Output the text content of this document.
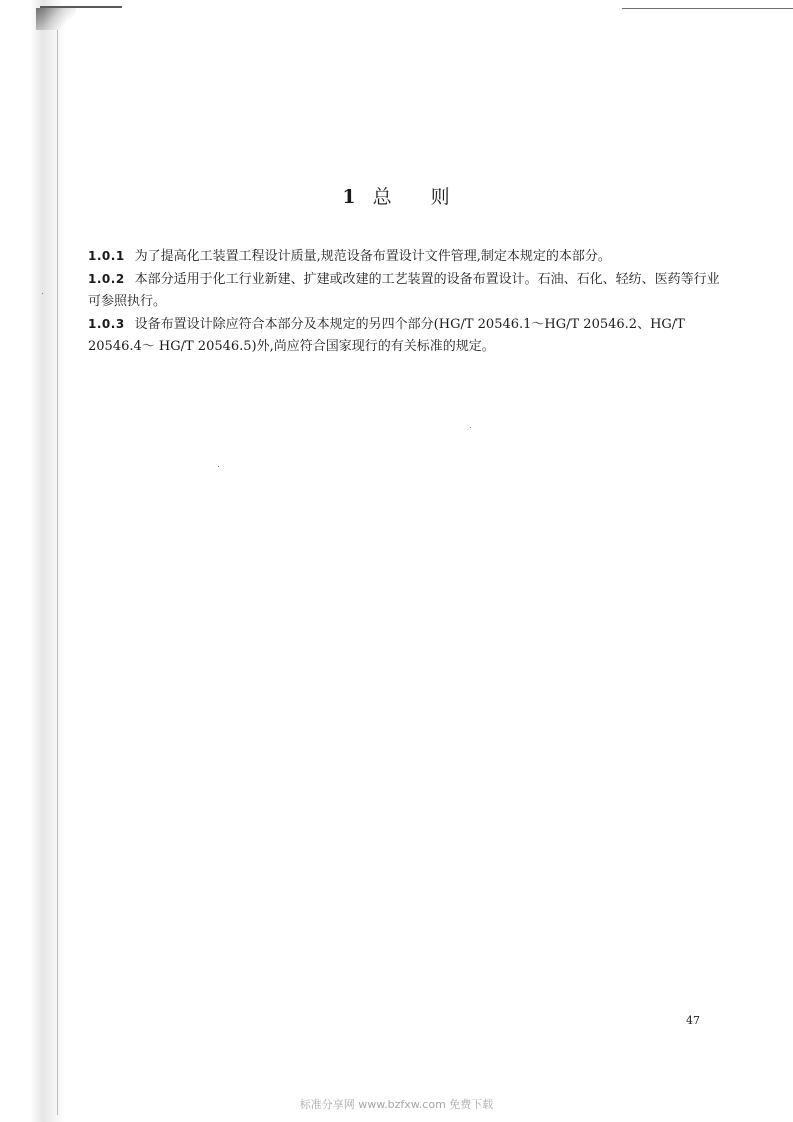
1 总 则

1.0.1 为了提高化工装置工程设计质量,规范设备布置设计文件管理,制定本规定的本部分。

1.0.2 本部分适用于化工行业新建、扩建或改建的工艺装置的设备布置设计。石油、石化、轻纺、医药等行业可参照执行。

1.0.3 设备布置设计除应符合本部分及本规定的另四个部分(HG/T 20546.1～HG/T 20546.2、HG/T 20546.4～ HG/T 20546.5)外,尚应符合国家现行的有关标准的规定。

47
标准分享网 www.bzfxw.com 免费下载
